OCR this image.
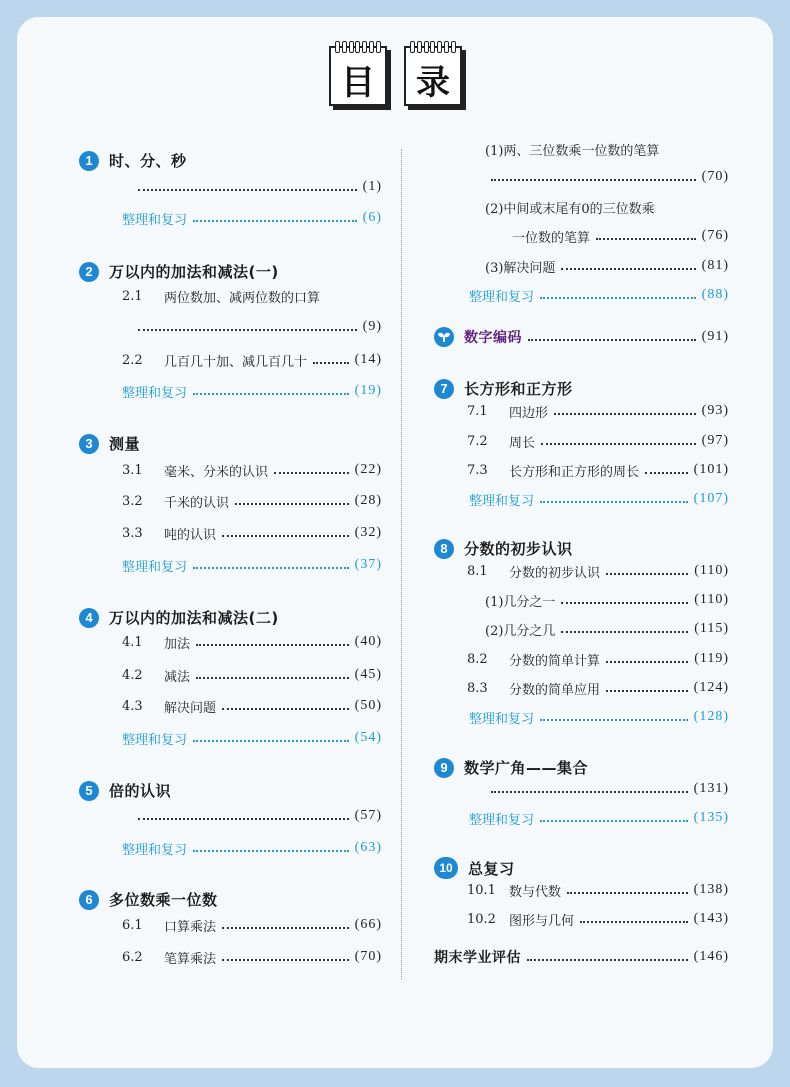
目 录
1	时、分、秒
(1)
整理和复习	(6)
2	万以内的加法和减法(一)
2.1	两位数加、减两位数的口算
(9)
2.2	几百几十加、减几百几十	(14)
整理和复习	(19)
3	测量
3.1	毫米、分米的认识	(22)
3.2	千米的认识	(28)
3.3	吨的认识	(32)
整理和复习	(37)
4	万以内的加法和减法(二)
4.1	加法	(40)
4.2	减法	(45)
4.3	解决问题	(50)
整理和复习	(54)
5	倍的认识
(57)
整理和复习	(63)
6	多位数乘一位数
6.1	口算乘法	(66)
6.2	笔算乘法	(70)
(1)两、三位数乘一位数的笔算
(70)
(2)中间或末尾有0的三位数乘
一位数的笔算	(76)
(3)解决问题	(81)
整理和复习	(88)
数字编码	(91)
7	长方形和正方形
7.1	四边形	(93)
7.2	周长	(97)
7.3	长方形和正方形的周长	(101)
整理和复习	(107)
8	分数的初步认识
8.1	分数的初步认识	(110)
(1)几分之一	(110)
(2)几分之几	(115)
8.2	分数的简单计算	(119)
8.3	分数的简单应用	(124)
整理和复习	(128)
9	数学广角——集合
(131)
整理和复习	(135)
10	总复习
10.1	数与代数	(138)
10.2	图形与几何	(143)
期末学业评估	(146)
